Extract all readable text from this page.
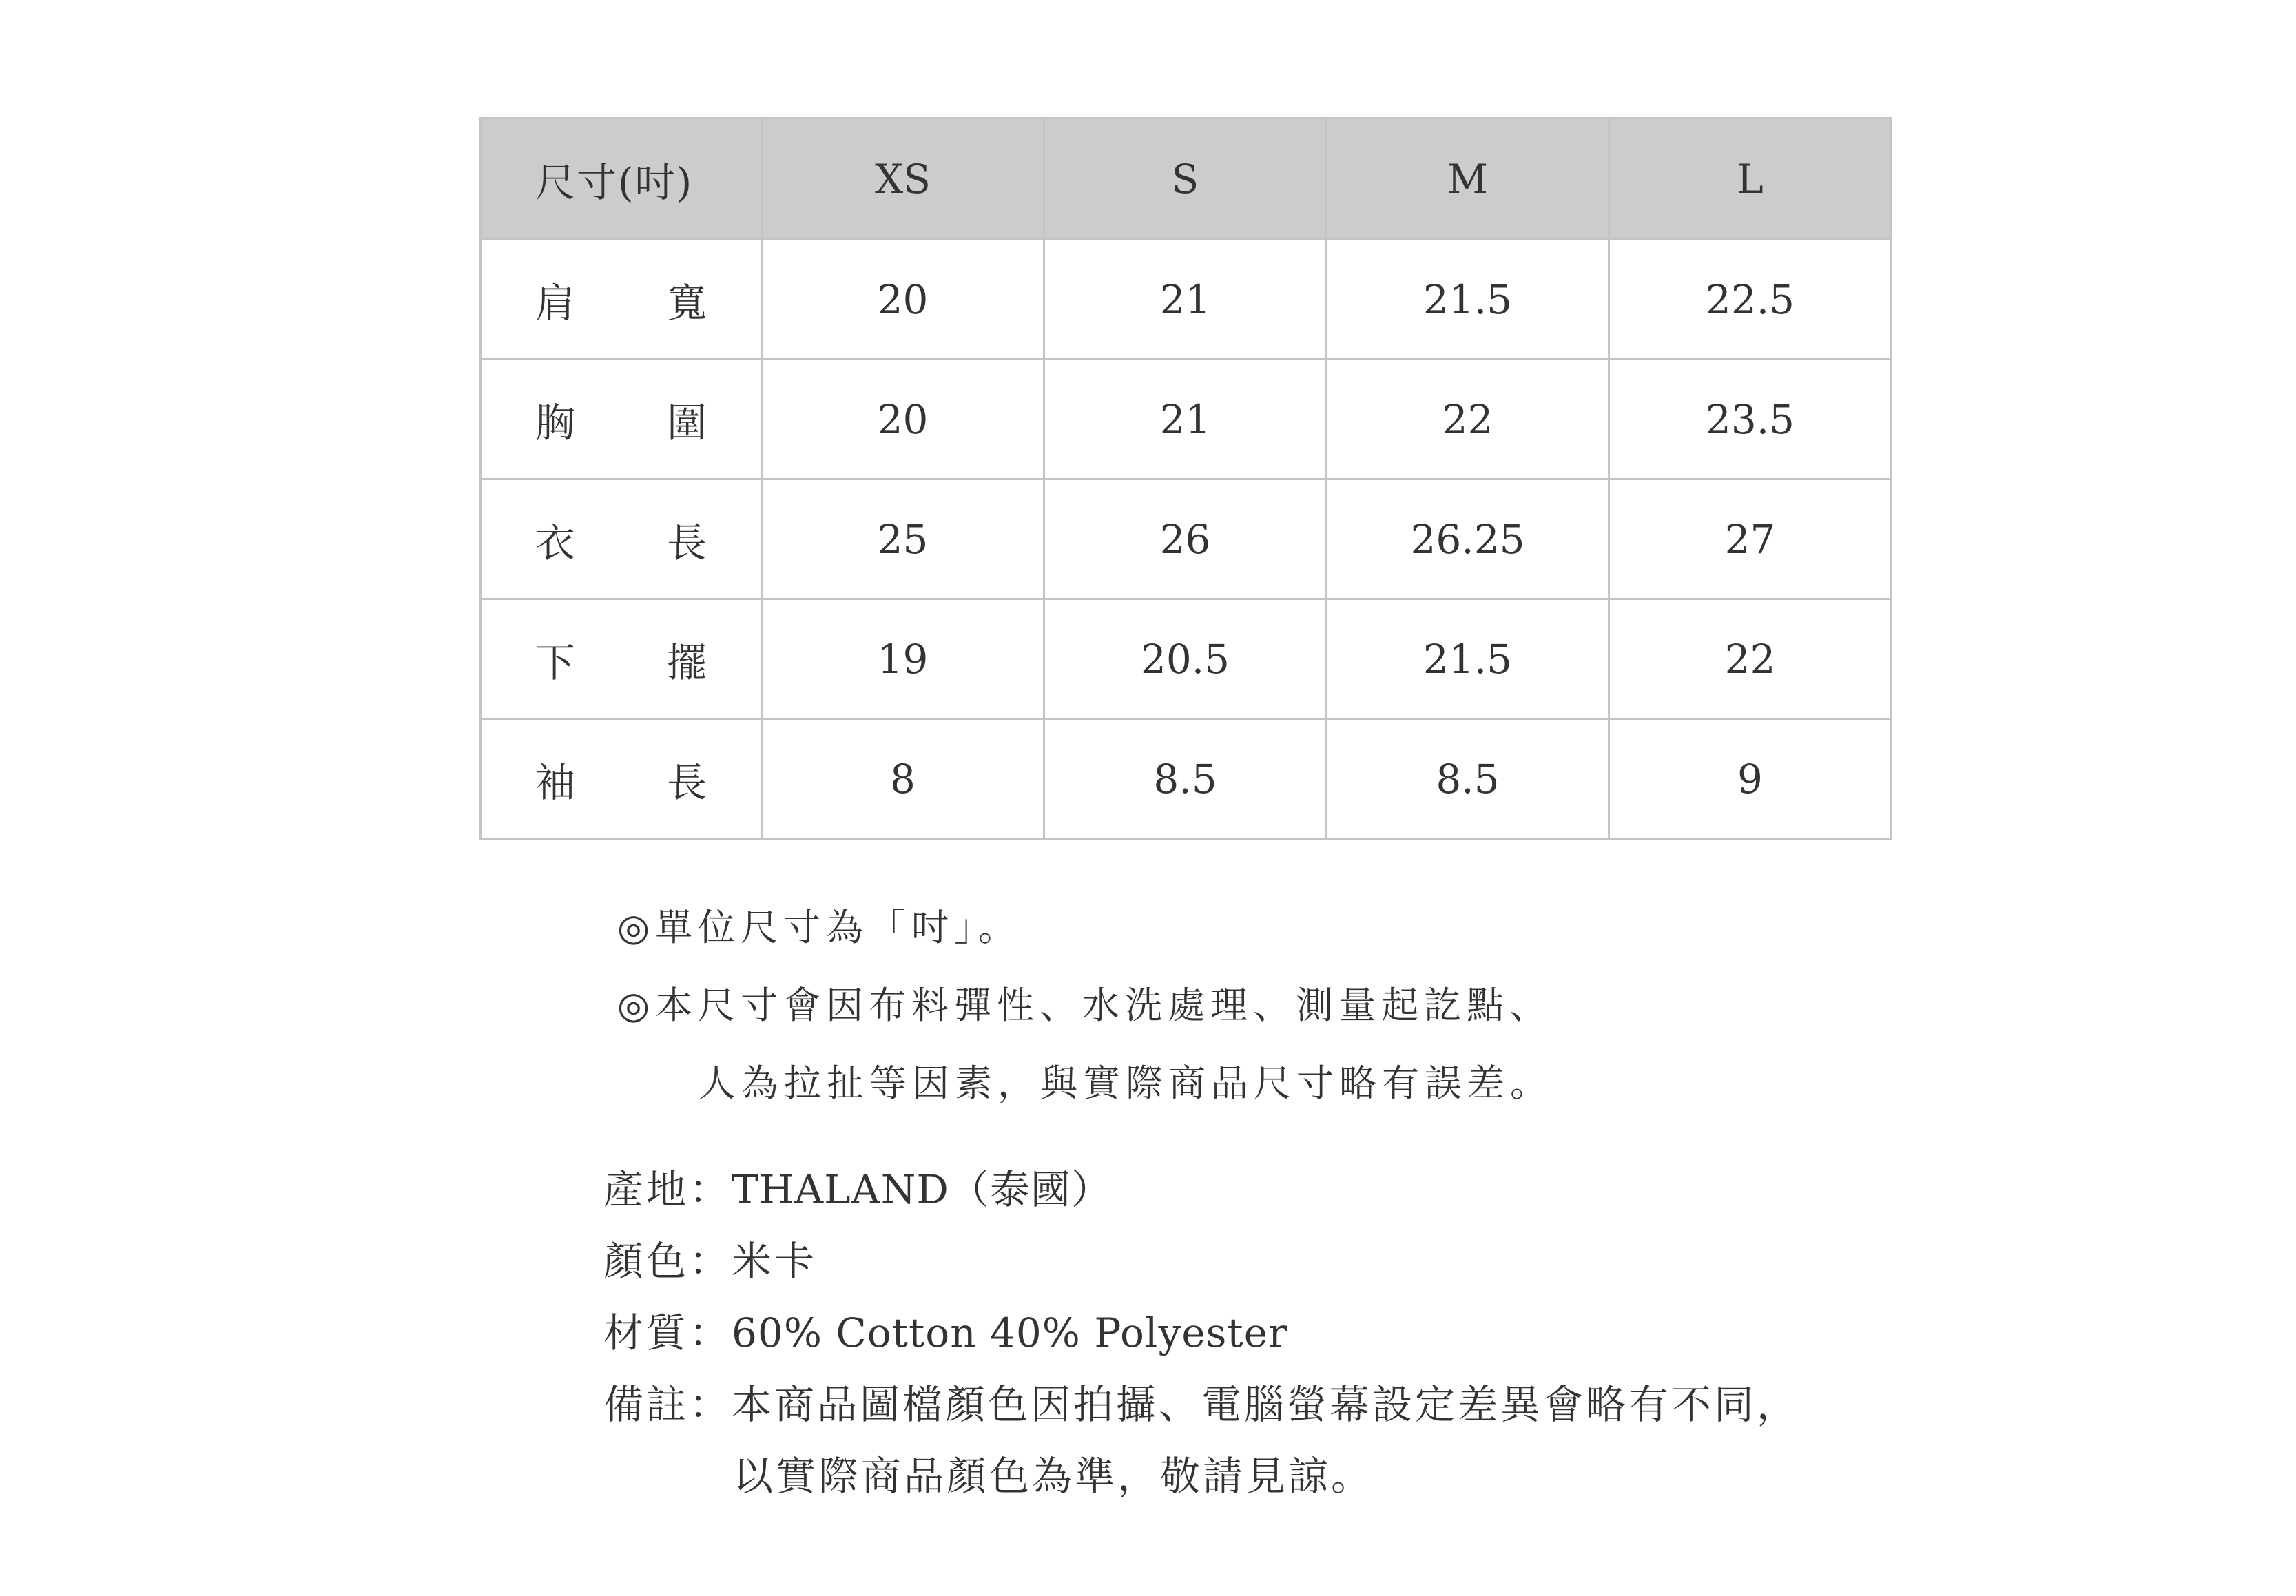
尺寸(吋)	XS	S	M	L

肩 寬	20	21	21.5	22.5

胸 圍	20	21	22	23.5

衣 長	25	26	26.25	27

下 擺	19	20.5	21.5	22

袖 長	8	8.5	8.5	9
◎單位尺寸為「吋」。
◎本尺寸會因布料彈性、水洗處理、測量起訖點、
人為拉扯等因素，與實際商品尺寸略有誤差。
產地：THALAND（泰國）
顏色：米卡
材質：60% Cotton 40% Polyester
備註：本商品圖檔顏色因拍攝、電腦螢幕設定差異會略有不同，
以實際商品顏色為準，敬請見諒。
